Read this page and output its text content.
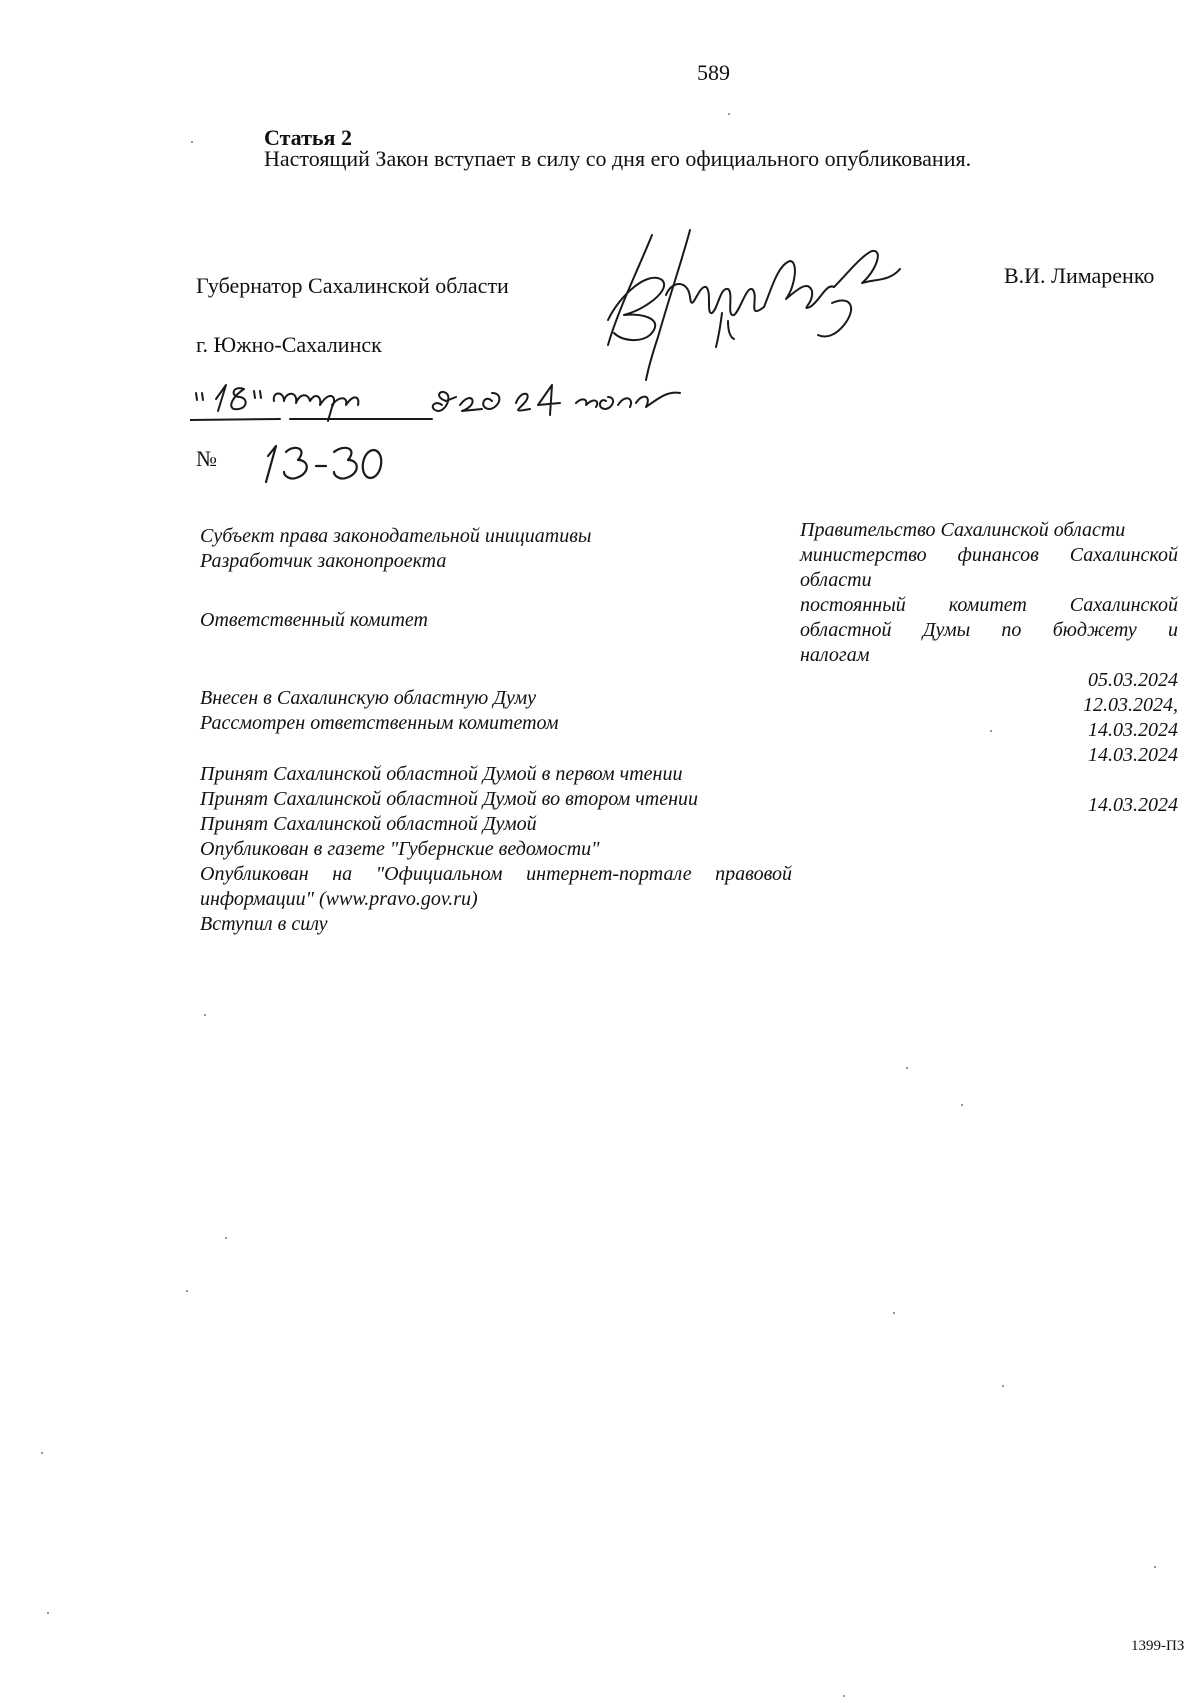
589
Статья 2
Настоящий Закон вступает в силу со дня его официального опубликования.
Губернатор Сахалинской области	В.И. Лимаренко
г. Южно-Сахалинск
№
Субъект права законодательной инициативы
Разработчик законопроекта
Ответственный комитет
Внесен в Сахалинскую областную Думу
Рассмотрен ответственным комитетом
Принят Сахалинской областной Думой в первом чтении
Принят Сахалинской областной Думой во втором чтении
Принят Сахалинской областной Думой
Опубликован в газете "Губернские ведомости"
Опубликован на "Официальном интернет-портале правовой
информации" (www.pravo.gov.ru)
Вступил в силу
Правительство Сахалинской области
министерство финансов Сахалинской
области
постоянный комитет Сахалинской
областной Думы по бюджету и
налогам
05.03.2024
12.03.2024,
14.03.2024
14.03.2024
14.03.2024
1399-ПЗ
